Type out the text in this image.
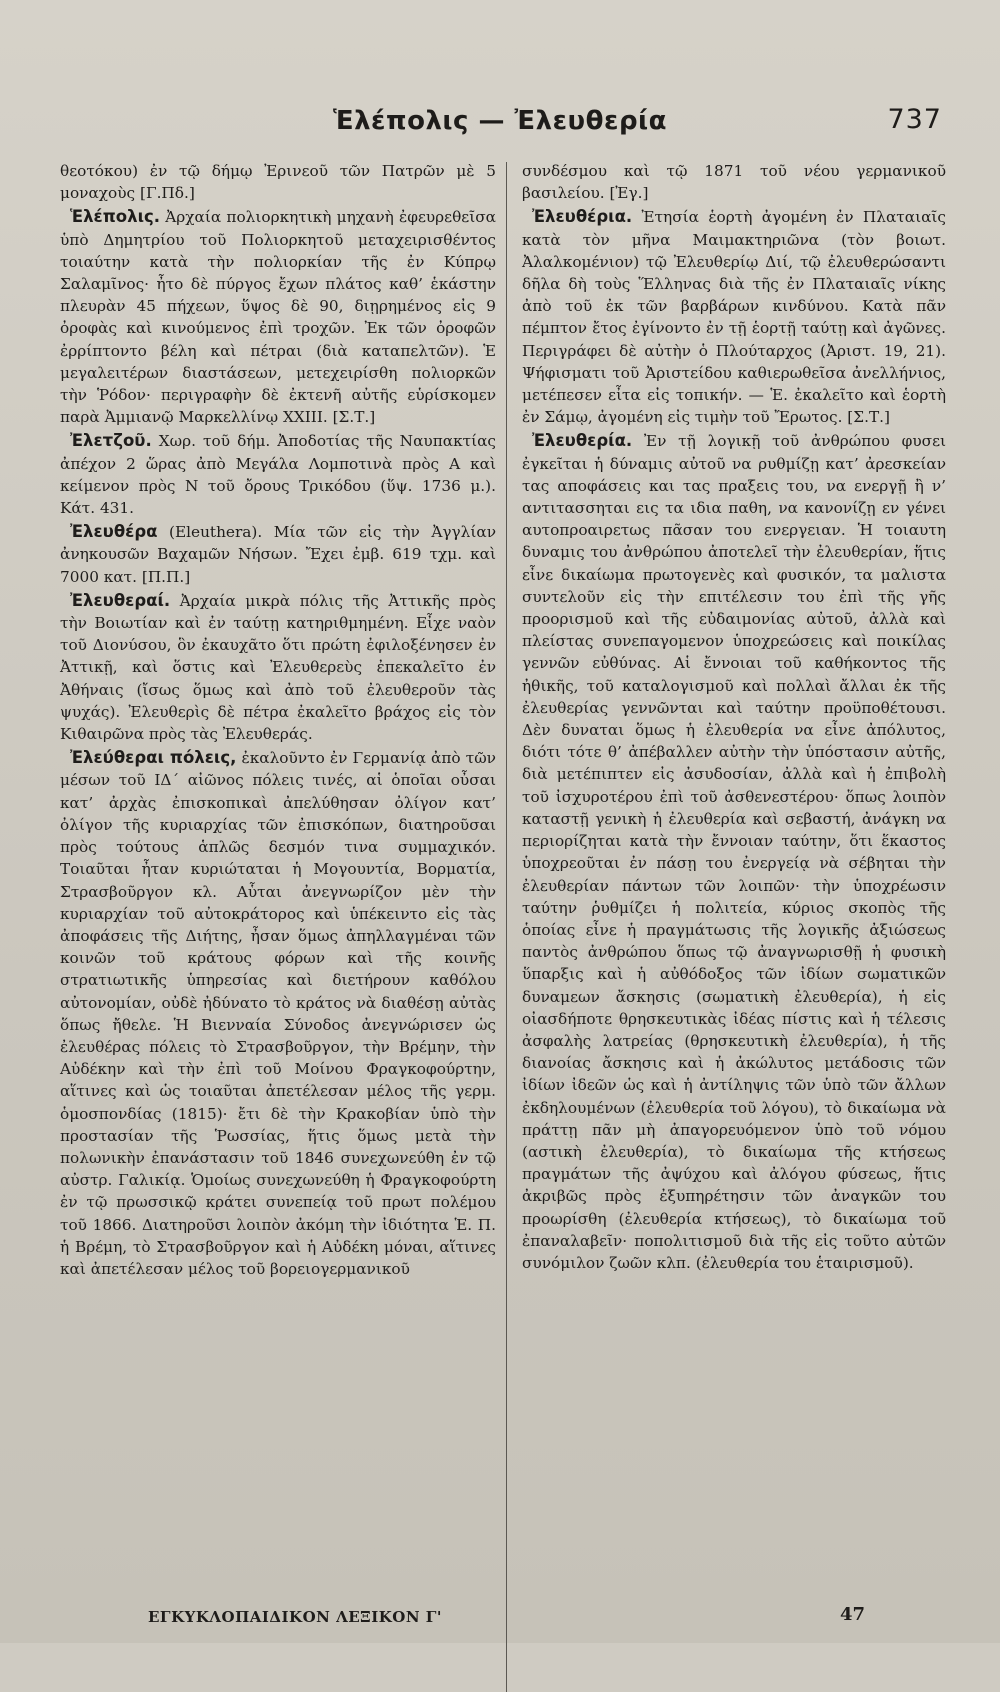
Ἑλέπολις — Ἐλευθερία	737

θεοτόκου) ἐν τῷ δήμῳ Ἐρινεοῦ τῶν Πατρῶν μὲ 5 μοναχοὺς [Γ.Πδ.]

Ἑλέπολις. Ἀρχαία πολιορκητικὴ μηχανὴ ἐφευρεθεῖσα ὑπὸ Δημητρίου τοῦ Πολιορκητοῦ μεταχειρισθέντος τοιαύτην κατὰ τὴν πολιορκίαν τῆς ἐν Κύπρῳ Σαλαμῖνος· ἦτο δὲ πύργος ἔχων πλάτος καθ’ ἑκάστην πλευρὰν 45 πήχεων, ὕψος δὲ 90, διῃρημένος εἰς 9 ὀροφὰς καὶ κινούμενος ἐπὶ τροχῶν. Ἐκ τῶν ὀροφῶν ἐρρίπτοντο βέλη καὶ πέτραι (διὰ καταπελτῶν). Ἑ μεγαλειτέρων διαστάσεων, μετεχειρίσθη πολιορκῶν τὴν Ῥόδον· περιγραφὴν δὲ ἐκτενῆ αὐτῆς εὑρίσκομεν παρὰ Ἀμμιανῷ Μαρκελλίνῳ XXIII. [Σ.Τ.]

Ἐλετζοῦ. Χωρ. τοῦ δήμ. Ἀποδοτίας τῆς Ναυπακτίας ἀπέχον 2 ὥρας ἀπὸ Μεγάλα Λομποτινὰ πρὸς Α καὶ κείμενον πρὸς Ν τοῦ ὄρους Τρικόδου (ὕψ. 1736 μ.). Κάτ. 431.

Ἐλευθέρα (Eleuthera). Μία τῶν εἰς τὴν Ἀγγλίαν ἀνηκουσῶν Βαχαμῶν Νήσων. Ἔχει ἐμβ. 619 τχμ. καὶ 7000 κατ. [Π.Π.]

Ἐλευθεραί. Ἀρχαία μικρὰ πόλις τῆς Ἀττικῆς πρὸς τὴν Βοιωτίαν καὶ ἐν ταύτῃ κατηριθμημένη. Εἶχε ναὸν τοῦ Διονύσου, ὃν ἐκαυχᾶτο ὅτι πρώτη ἐφιλοξένησεν ἐν Ἀττικῇ, καὶ ὅστις καὶ Ἐλευθερεὺς ἐπεκαλεῖτο ἐν Ἀθήναις (ἴσως ὅμως καὶ ἀπὸ τοῦ ἐλευθεροῦν τὰς ψυχάς). Ἐλευθερὶς δὲ πέτρα ἐκαλεῖτο βράχος εἰς τὸν Κιθαιρῶνα πρὸς τὰς Ἐλευθεράς.

Ἐλεύθεραι πόλεις, ἐκαλοῦντο ἐν Γερμανίᾳ ἀπὸ τῶν μέσων τοῦ ΙΔ΄ αἰῶνος πόλεις τινές, αἱ ὁποῖαι οὖσαι κατ’ ἀρχὰς ἐπισκοπικαὶ ἀπελύθησαν ὀλίγον κατ’ ὀλίγον τῆς κυριαρχίας τῶν ἐπισκόπων, διατηροῦσαι πρὸς τούτους ἁπλῶς δεσμόν τινα συμμαχικόν. Τοιαῦται ἦταν κυριώταται ἡ Μογουντία, Βορματία, Στρασβοῦργον κλ. Αὗται ἀνεγνωρίζον μὲν τὴν κυριαρχίαν τοῦ αὐτοκράτορος καὶ ὑπέκειντο εἰς τὰς ἀποφάσεις τῆς Διήτης, ἦσαν ὅμως ἀπηλλαγμέναι τῶν κοινῶν τοῦ κράτους φόρων καὶ τῆς κοινῆς στρατιωτικῆς ὑπηρεσίας καὶ διετήρουν καθόλου αὐτονομίαν, οὐδὲ ἠδύνατο τὸ κράτος νὰ διαθέσῃ αὐτὰς ὅπως ἤθελε. Ἡ Βιενναία Σύνοδος ἀνεγνώρισεν ὡς ἐλευθέρας πόλεις τὸ Στρασβοῦργον, τὴν Βρέμην, τὴν Αὐδέκην καὶ τὴν ἐπὶ τοῦ Μοίνου Φραγκοφούρτην, αἵτινες καὶ ὡς τοιαῦται ἀπετέλεσαν μέλος τῆς γερμ. ὁμοσπονδίας (1815)· ἔτι δὲ τὴν Κρακοβίαν ὑπὸ τὴν προστασίαν τῆς Ῥωσσίας, ἥτις ὅμως μετὰ τὴν πολωνικὴν ἐπανάστασιν τοῦ 1846 συνεχωνεύθη ἐν τῷ αὐστρ. Γαλικίᾳ. Ὁμοίως συνεχωνεύθη ἡ Φραγκοφούρτη ἐν τῷ πρωσσικῷ κράτει συνεπείᾳ τοῦ πρωτ πολέμου τοῦ 1866. Διατηροῦσι λοιπὸν ἀκόμη τὴν ἰδιότητα Ἑ. Π. ἡ Βρέμη, τὸ Στρασβοῦργον καὶ ἡ Αὐδέκη μόναι, αἵτινες καὶ ἀπετέλεσαν μέλος τοῦ βορειογερμανικοῦ

συνδέσμου καὶ τῷ 1871 τοῦ νέου γερμανικοῦ βασιλείου. [Ἐγ.]

Ἐλευθέρια. Ἐτησία ἑορτὴ ἀγομένη ἐν Πλαταιαῖς κατὰ τὸν μῆνα Μαιμακτηριῶνα (τὸν βοιωτ. Ἀλαλκομένιον) τῷ Ἐλευθερίῳ Διί, τῷ ἐλευθερώσαντι δῆλα δὴ τοὺς Ἕλληνας διὰ τῆς ἐν Πλαταιαῖς νίκης ἀπὸ τοῦ ἐκ τῶν βαρβάρων κινδύνου. Κατὰ πᾶν πέμπτον ἔτος ἐγίνοντο ἐν τῇ ἑορτῇ ταύτῃ καὶ ἀγῶνες. Περιγράφει δὲ αὐτὴν ὁ Πλούταρχος (Ἀριστ. 19, 21). Ψήφισματι τοῦ Ἀριστείδου καθιερωθεῖσα ἀνελλήνιος, μετέπεσεν εἶτα εἰς τοπικήν. — Ἑ. ἐκαλεῖτο καὶ ἑορτὴ ἐν Σάμῳ, ἀγομένη εἰς τιμὴν τοῦ Ἔρωτος. [Σ.Τ.]

Ἐλευθερία. Ἐν τῇ λογικῇ τοῦ ἀνθρώπου φυσει ἐγκεῖται ἡ δύναμις αὐτοῦ να ρυθμίζῃ κατ’ ἀρεσκείαν τας αποφάσεις και τας πραξεις του, να ενεργῇ ἢ ν’ αντιτασσηται εις τα ιδια παθη, να κανονίζῃ εν γένει αυτοπροαιρετως πᾶσαν του ενεργειαν. Ἡ τοιαυτη δυναμις του ἀνθρώπου ἀποτελεῖ τὴν ἐλευθερίαν, ἥτις εἶνε δικαίωμα πρωτογενὲς καὶ φυσικόν, τα μαλιστα συντελοῦν εἰς τὴν επιτέλεσιν του ἐπὶ τῆς γῆς προορισμοῦ καὶ τῆς εὐδαιμονίας αὐτοῦ, ἀλλὰ καὶ πλείστας συνεπαγομενον ὑποχρεώσεις καὶ ποικίλας γεννῶν εὐθύνας. Αἱ ἔννοιαι τοῦ καθήκοντος τῆς ἠθικῆς, τοῦ καταλογισμοῦ καὶ πολλαὶ ἄλλαι ἐκ τῆς ἐλευθερίας γεννῶνται καὶ ταύτην προϋποθέτουσι. Δὲν δυναται ὅμως ἡ ἐλευθερία να εἶνε ἀπόλυτος, διότι τότε θ’ ἀπέβαλλεν αὐτὴν τὴν ὑπόστασιν αὐτῆς, διὰ μετέπιπτεν εἰς ἀσυδοσίαν, ἀλλὰ καὶ ἡ ἐπιβολὴ τοῦ ἰσχυροτέρου ἐπὶ τοῦ ἀσθενεστέρου· ὅπως λοιπὸν καταστῇ γενικὴ ἡ ἐλευθερία καὶ σεβαστή, ἀνάγκη να περιορίζηται κατὰ τὴν ἔννοιαν ταύτην, ὅτι ἕκαστος ὑποχρεοῦται ἐν πάσῃ του ἐνεργείᾳ νὰ σέβηται τὴν ἐλευθερίαν πάντων τῶν λοιπῶν· τὴν ὑποχρέωσιν ταύτην ῥυθμίζει ἡ πολιτεία, κύριος σκοπὸς τῆς ὁποίας εἶνε ἡ πραγμάτωσις τῆς λογικῆς ἀξιώσεως παντὸς ἀνθρώπου ὅπως τῷ ἀναγνωρισθῇ ἡ φυσικὴ ὕπαρξις καὶ ἡ αὐθόδοξος τῶν ἰδίων σωματικῶν δυναμεων ἄσκησις (σωματικὴ ἐλευθερία), ἡ εἰς οἰασδήποτε θρησκευτικὰς ἰδέας πίστις καὶ ἡ τέλεσις ἀσφαλὴς λατρείας (θρησκευτικὴ ἐλευθερία), ἡ τῆς διανοίας ἄσκησις καὶ ἡ ἀκώλυτος μετάδοσις τῶν ἰδίων ἰδεῶν ὡς καὶ ἡ ἀντίληψις τῶν ὑπὸ τῶν ἄλλων ἐκδηλουμένων (ἐλευθερία τοῦ λόγου), τὸ δικαίωμα νὰ πράττῃ πᾶν μὴ ἀπαγορευόμενον ὑπὸ τοῦ νόμου (αστικὴ ἐλευθερία), τὸ δικαίωμα τῆς κτήσεως πραγμάτων τῆς ἀψύχου καὶ ἀλόγου φύσεως, ἥτις ἀκριβῶς πρὸς ἐξυπηρέτησιν τῶν ἀναγκῶν του προωρίσθη (ἐλευθερία κτήσεως), τὸ δικαίωμα τοῦ ἐπαναλαβεῖν· ποπολιτισμοῦ διὰ τῆς εἰς τοῦτο αὐτῶν συνόμιλον ζωῶν κλπ. (ἐλευθερία του ἑταιρισμοῦ).

ΕΓΚΥΚΛΟΠΑΙΔΙΚΟΝ ΛΕΞΙΚΟΝ Γ'	47
